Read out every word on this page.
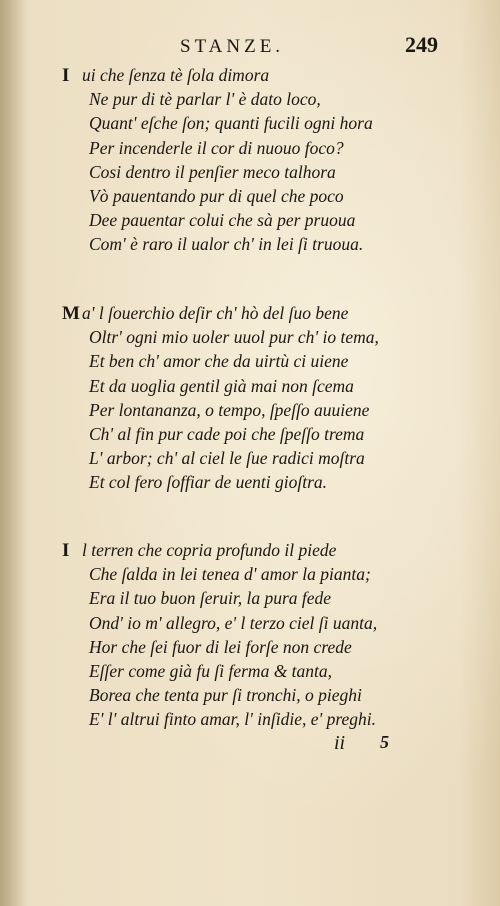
STANZE.	249
I ui che ſenza tè ſola dimora
Ne pur di tè parlar l' è dato loco,
Quant' eſche ſon; quanti fucili ogni hora
Per incenderle il cor di nuouo foco?
Cosi dentro il penſier meco talhora
Vò pauentando pur di quel che poco
Dee pauentar colui che sà per pruoua
Com' è raro il ualor ch' in lei ſi truoua.
M a' l ſouerchio deſir ch' hò del ſuo bene
Oltr' ogni mio uoler uuol pur ch' io tema,
Et ben ch' amor che da uirtù ci uiene
Et da uoglia gentil già mai non ſcema
Per lontananza, o tempo, ſpeſſo auuiene
Ch' al fin pur cade poi che ſpeſſo trema
L' arbor; ch' al ciel le ſue radici moſtra
Et col fero ſoffiar de uenti gioſtra.
I l terren che copria profundo il piede
Che ſalda in lei tenea d' amor la pianta;
Era il tuo buon ſeruir, la pura fede
Ond' io m' allegro, e' l terzo ciel ſi uanta,
Hor che ſei fuor di lei forſe non crede
Eſſer come già fu ſi ferma & tanta,
Borea che tenta pur ſi tronchi, o pieghi
E' l' altrui finto amar, l' inſidie, e' preghi.
ii 5
